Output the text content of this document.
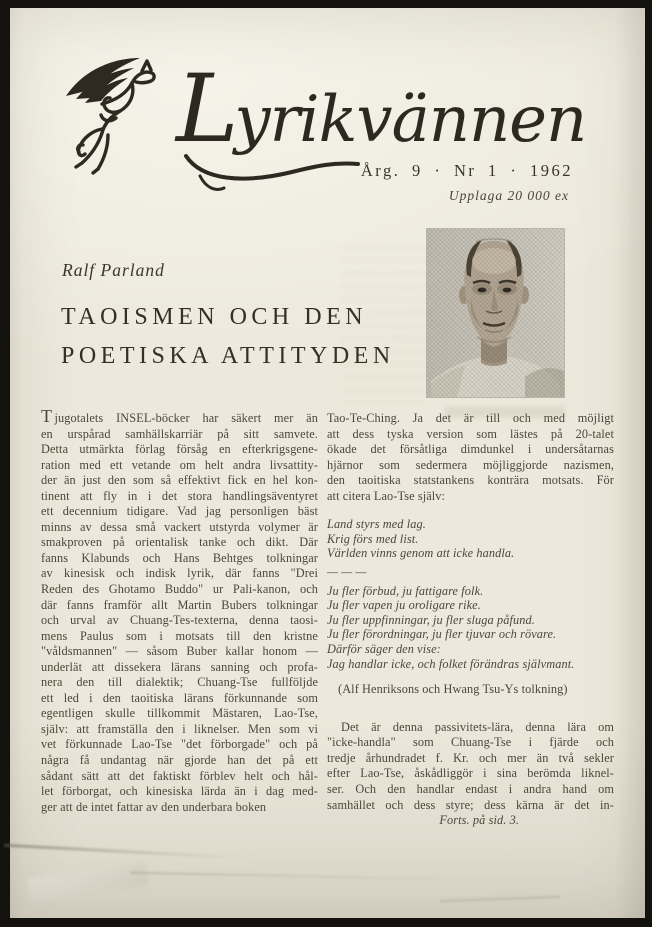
Lyrikvännen
Årg. 9 · Nr 1 · 1962
Upplaga 20 000 ex
Ralf Parland
TAOISMEN OCH DEN
POETISKA ATTITYDEN
Tjugotalets INSEL-böcker har säkert mer än
en urspårad samhällskarriär på sitt samvete.
Detta utmärkta förlag försåg en efterkrigsgene-
ration med ett vetande om helt andra livsattity-
der än just den som så effektivt fick en hel kon-
tinent att fly in i det stora handlingsäventyret
ett decennium tidigare. Vad jag personligen bäst
minns av dessa små vackert utstyrda volymer är
smakproven på orientalisk tanke och dikt. Där
fanns Klabunds och Hans Behtges tolkningar
av kinesisk och indisk lyrik, där fanns "Drei
Reden des Ghotamo Buddo" ur Pali-kanon, och
där fanns framför allt Martin Bubers tolkningar
och urval av Chuang-Tes-texterna, denna taosi-
mens Paulus som i motsats till den kristne
"våldsmannen" — såsom Buber kallar honom —
underlät att dissekera lärans sanning och profa-
nera den till dialektik; Chuang-Tse fullföljde
ett led i den taoitiska lärans förkunnande som
egentligen skulle tillkommit Mästaren, Lao-Tse,
själv: att framställa den i liknelser. Men som vi
vet förkunnade Lao-Tse "det förborgade" och på
några få undantag när gjorde han det på ett
sådant sätt att det faktiskt förblev helt och hål-
let förborgat, och kinesiska lärda än i dag med-
ger att de intet fattar av den underbara boken
Tao-Te-Ching. Ja det är till och med möjligt
att dess tyska version som lästes på 20-talet
ökade det försåtliga dimdunkel i undersåtarnas
hjärnor som sedermera möjliggjorde nazismen,
den taoitiska statstankens konträra motsats. För
att citera Lao-Tse själv:
Land styrs med lag.
Krig förs med list.
Världen vinns genom att icke handla.
— — —
Ju fler förbud, ju fattigare folk.
Ju fler vapen ju oroligare rike.
Ju fler uppfinningar, ju fler sluga påfund.
Ju fler förordningar, ju fler tjuvar och rövare.
Därför säger den vise:
Jag handlar icke, och folket förändras självmant.
(Alf Henriksons och Hwang Tsu-Ys tolkning)
Det är denna passivitets-lära, denna lära om
"icke-handla" som Chuang-Tse i fjärde och
tredje århundradet f. Kr. och mer än två sekler
efter Lao-Tse, åskådliggör i sina berömda liknel-
ser. Och den handlar endast i andra hand om
samhället och dess styre; dess kärna är det in-
Forts. på sid. 3.
